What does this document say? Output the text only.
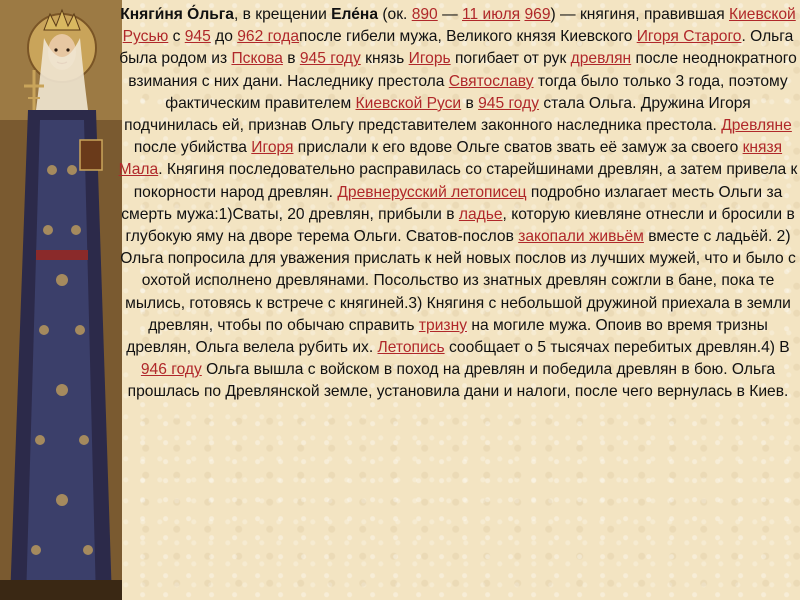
Княги́ня О́льга, в крещении Еле́на (ок. 890 — 11 июля 969) — княгиня, правившая Киевской Русью с 945 до 962 годапосле гибели мужа, Великого князя Киевского Игоря Старого. Ольга была родом из Пскова в 945 году князь Игорь погибает от рук древлян после неоднократного взимания с них дани. Наследнику престола Святославу тогда было только 3 года, поэтому фактическим правителем Киевской Руси в 945 году стала Ольга. Дружина Игоря подчинилась ей, признав Ольгу представителем законного наследника престола. Древляне после убийства Игоря прислали к его вдове Ольге сватов звать её замуж за своего князя Мала. Княгиня последовательно расправилась со старейшинами древлян, а затем привела к покорности народ древлян. Древнерусский летописец подробно излагает месть Ольги за смерть мужа:1)Сваты, 20 древлян, прибыли в ладье, которую киевляне отнесли и бросили в глубокую яму на дворе терема Ольги. Сватов-послов закопали живьём вместе с ладьёй. 2) Ольга попросила для уважения прислать к ней новых послов из лучших мужей, что и было с охотой исполнено древлянами. Посольство из знатных древлян сожгли в бане, пока те мылись, готовясь к встрече с княгиней.3) Княгиня с небольшой дружиной приехала в земли древлян, чтобы по обычаю справить тризну на могиле мужа. Опоив во время тризны древлян, Ольга велела рубить их. Летопись сообщает о 5 тысячах перебитых древлян.4) В 946 году Ольга вышла с войском в поход на древлян и победила древлян в бою. Ольга прошлась по Древлянской земле, установила дани и налоги, после чего вернулась в Киев.
